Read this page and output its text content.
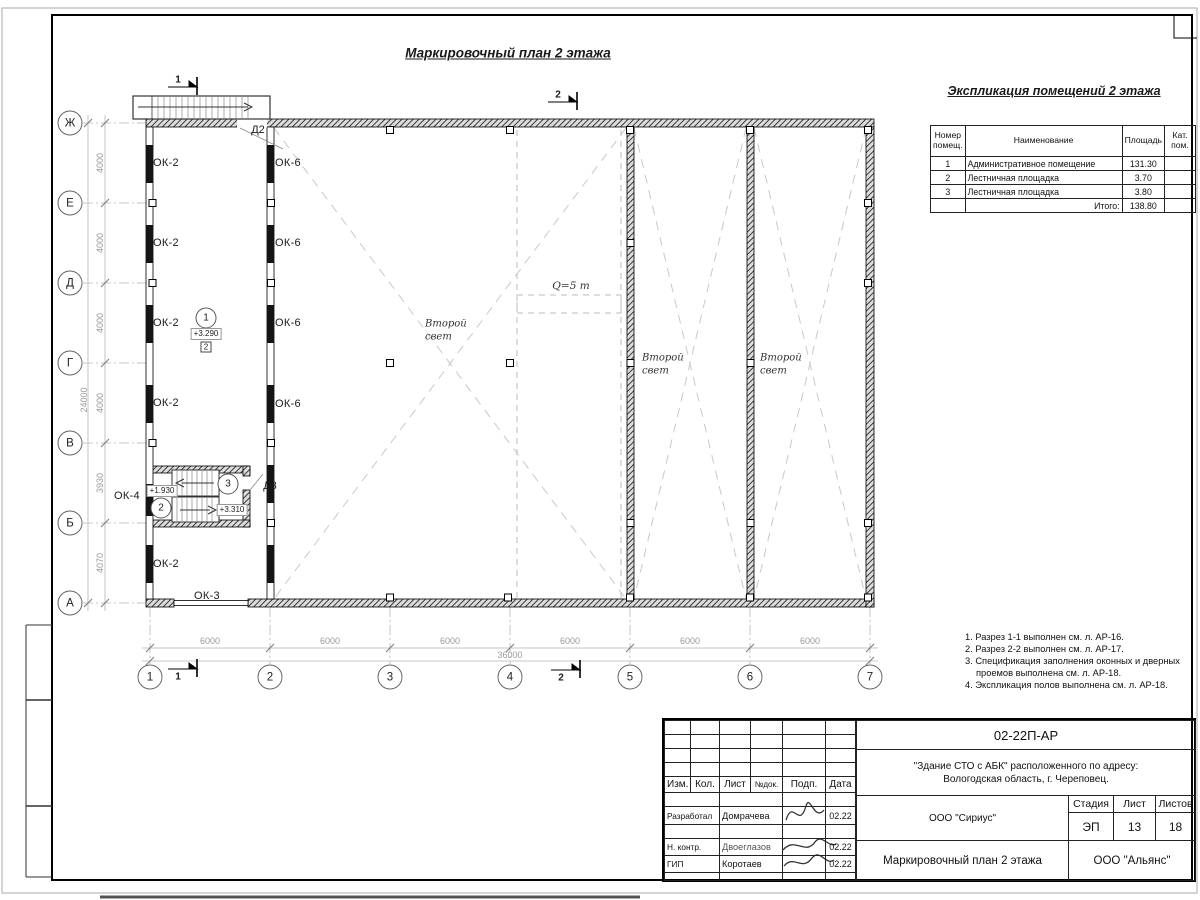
Маркировочный план 2 этажа
Экспликация помещений 2 этажа
Ж
Е
Д
Г
В
Б
А
1	2	3	4	5	6	7
4000
4000
4000
4000
3930
4070
24000
6000	6000	6000	6000	6000	6000
36000
ОК-2
ОК-2
ОК-2
ОК-2
ОК-2
ОК-6
ОК-6
ОК-6
ОК-6
ОК-4
ОК-3
Д2
Д3
Второй свет
Второй свет
Второй свет
Q=5 т
1
2
3
+3.290
+1.930
+3.310
2
1
2
1	2
Номер помещ.	Наименование	Площадь	Кат. пом.
1	Административное помещение	131.30	
2	Лестничная площадка	3.70	
3	Лестничная площадка	3.80	
	Итого:	138.80	
1. Разрез 1-1 выполнен см. л. АР-16.
2. Разрез 2-2 выполнен см. л. АР-17.
3. Спецификация заполнения оконных и дверных проемов выполнена см. л. АР-18.
4. Экспликация полов выполнена см. л. АР-18.

Изм.	Кол.	Лист	№док.	Подп.	Дата

Разработал		Домрачева			02.22

Н. контр.		Двоеглазов			02.22
ГИП		Коротаев			02.22

02-22П-АР			

"Здание СТО с АБК" расположенного по адресу:
Вологодская область, г. Череповец.			

ООО "Сириус"	Стадия	Лист	Листов
	ЭП	13	18
Маркировочный план 2 этажа	ООО "Альянс"		
